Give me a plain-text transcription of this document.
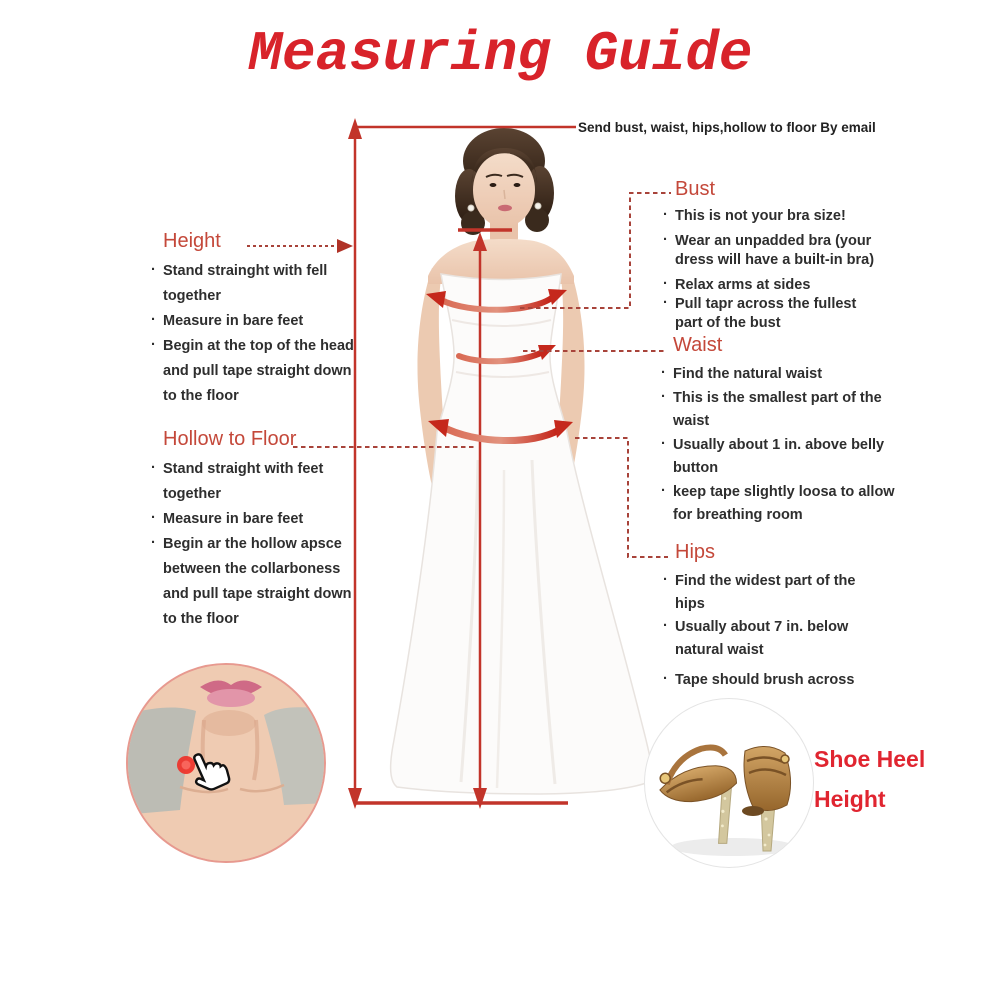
Measuring Guide
Send bust, waist, hips,hollow to floor By email
Height
· Stand strainght with fell
together
· Measure in bare feet
· Begin at the top of the head
and pull tape straight down
to the floor
Hollow to Floor
· Stand straight with feet
together
· Measure in bare feet
· Begin ar the hollow apsce
between the collarboness
and pull tape straight down
to the floor
Bust
· This is not your bra size!
· Wear an unpadded bra (your
dress will have a built-in bra)
· Relax arms at sides
· Pull tapr across the fullest
part of the bust
Waist
· Find the natural waist
· This is the smallest part of the
waist
· Usually about 1 in. above belly
button
· keep tape slightly loosa to allow
for breathing room
Hips
· Find the widest part of the
hips
· Usually about 7 in. below
natural waist
· Tape should brush across
Shoe Heel
Height
